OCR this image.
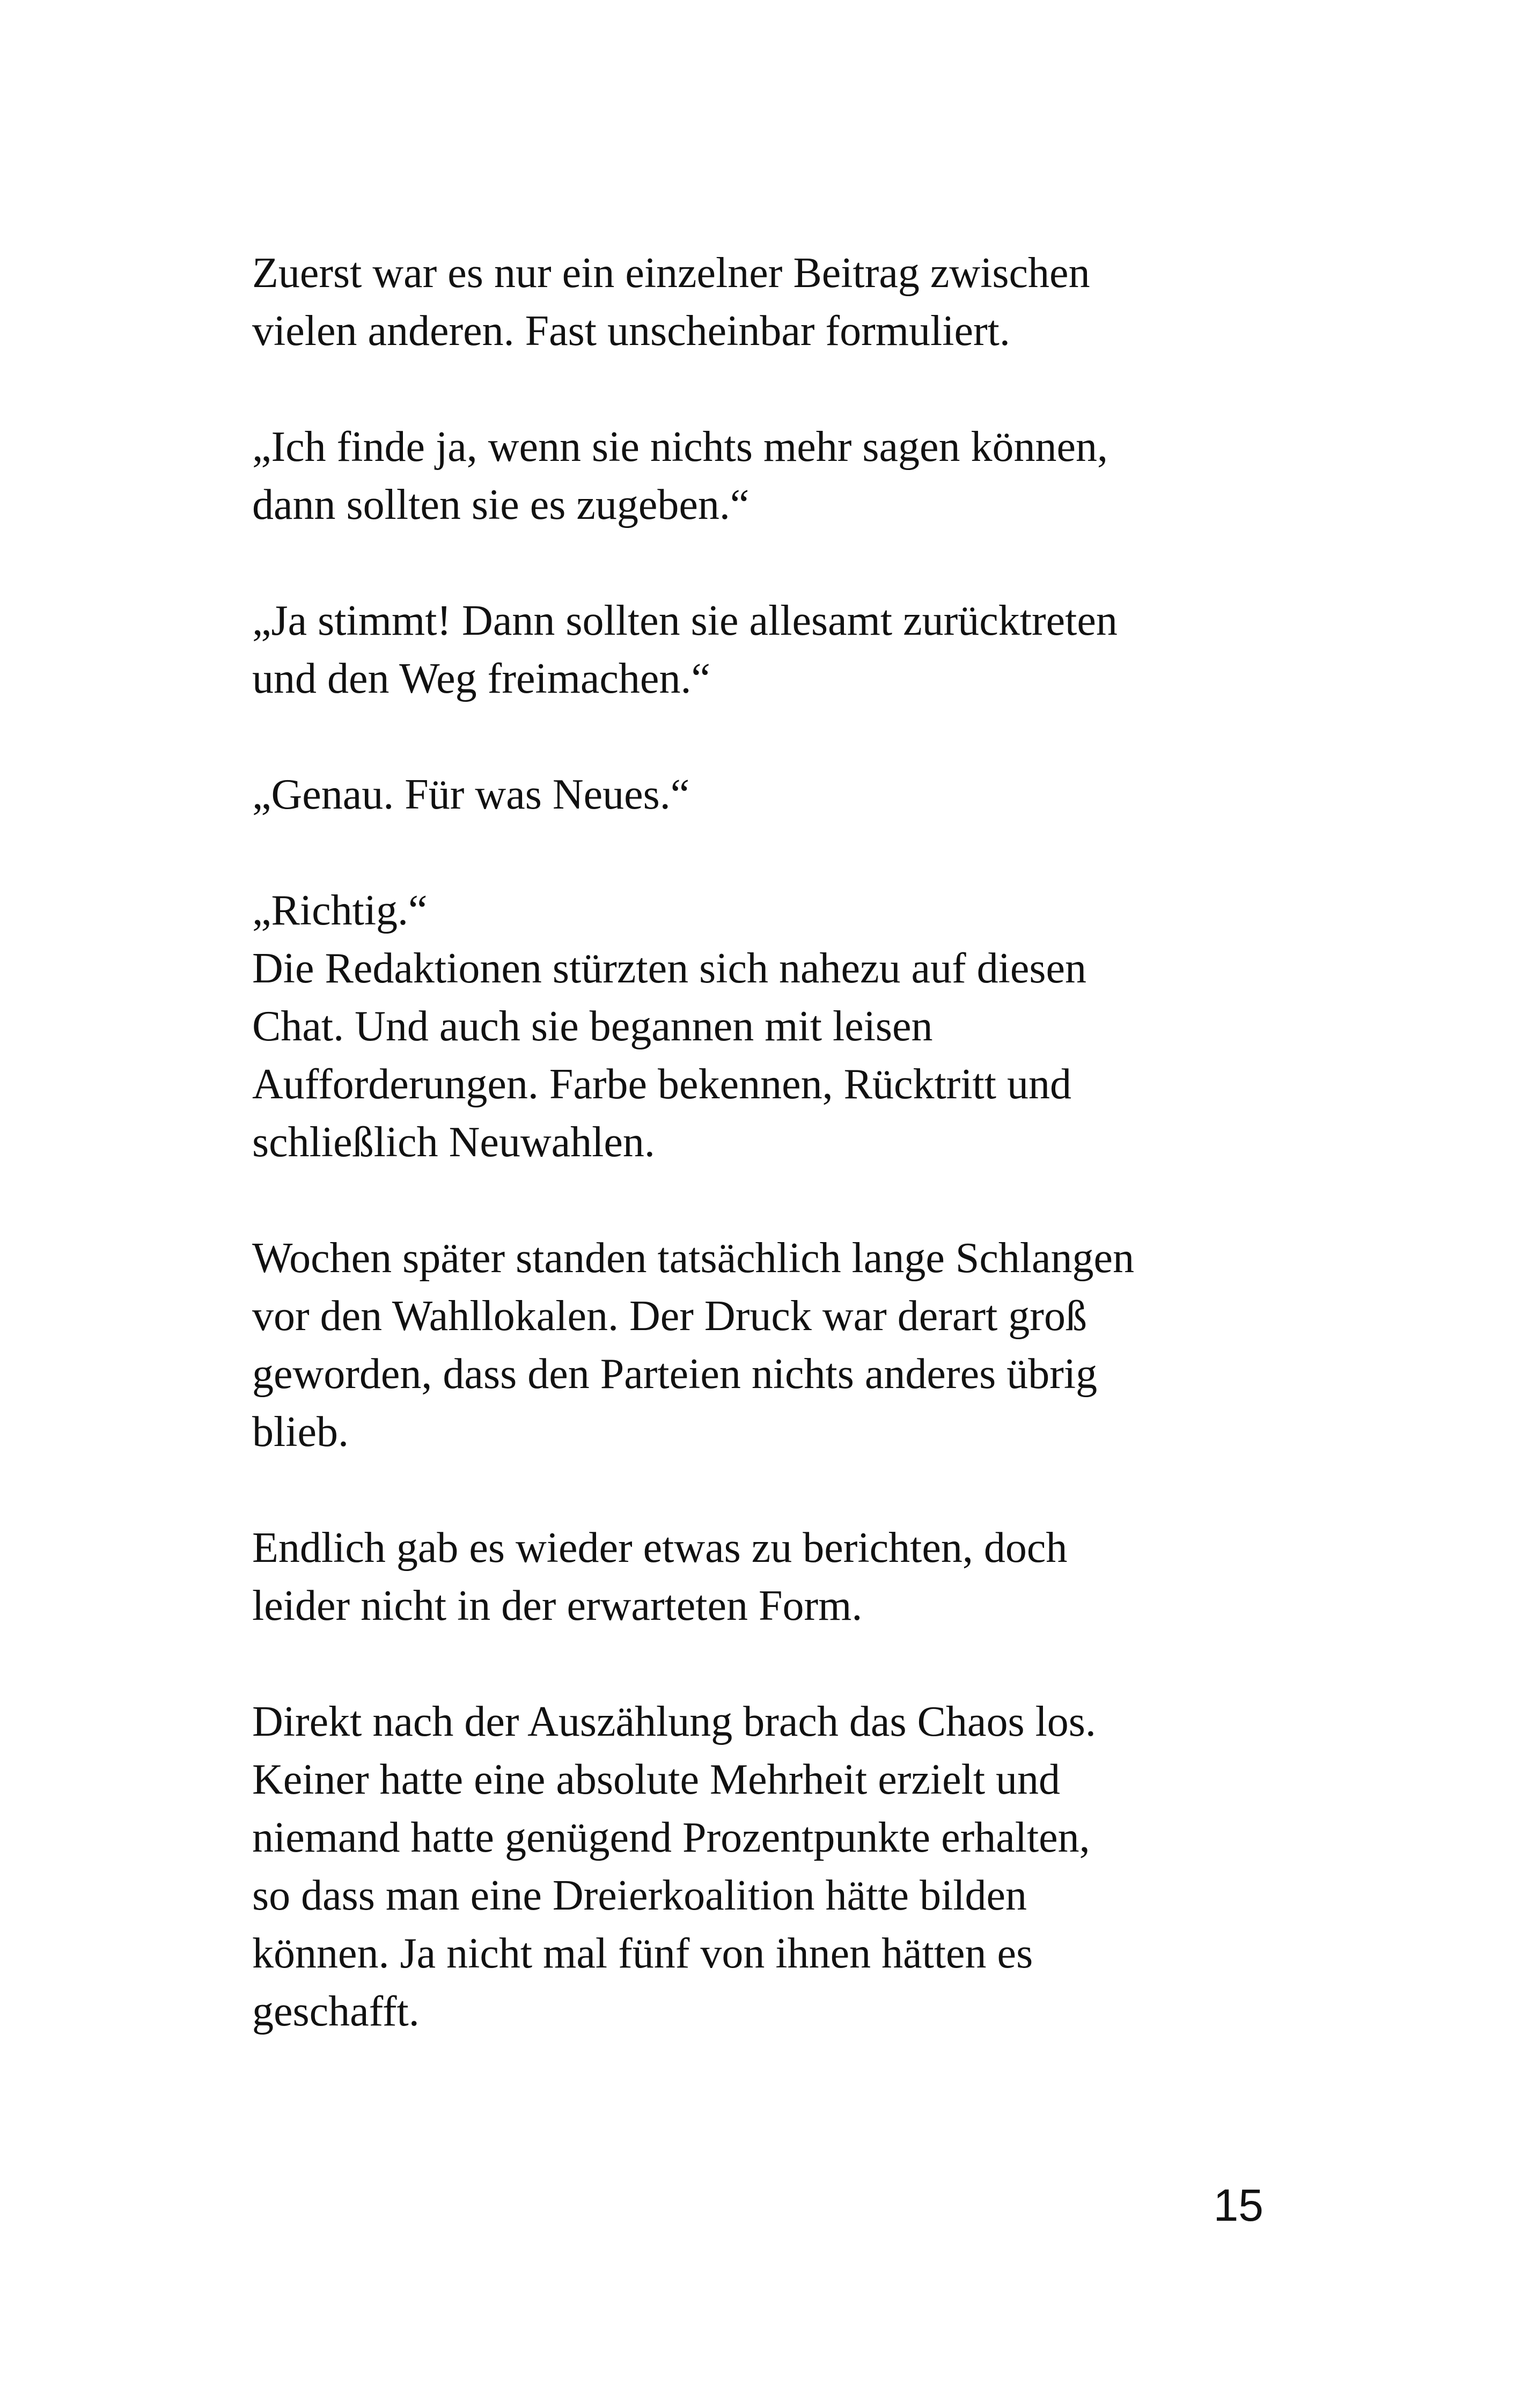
Zuerst war es nur ein einzelner Beitrag zwischen
vielen anderen. Fast unscheinbar formuliert.

„Ich finde ja, wenn sie nichts mehr sagen können,
dann sollten sie es zugeben.“

„Ja stimmt! Dann sollten sie allesamt zurücktreten
und den Weg freimachen.“

„Genau. Für was Neues.“

„Richtig.“

Die Redaktionen stürzten sich nahezu auf diesen
Chat. Und auch sie begannen mit leisen
Aufforderungen. Farbe bekennen, Rücktritt und
schließlich Neuwahlen.

Wochen später standen tatsächlich lange Schlangen
vor den Wahllokalen. Der Druck war derart groß
geworden, dass den Parteien nichts anderes übrig
blieb.

Endlich gab es wieder etwas zu berichten, doch
leider nicht in der erwarteten Form.

Direkt nach der Auszählung brach das Chaos los.
Keiner hatte eine absolute Mehrheit erzielt und
niemand hatte genügend Prozentpunkte erhalten,
so dass man eine Dreierkoalition hätte bilden
können. Ja nicht mal fünf von ihnen hätten es
geschafft.

15
